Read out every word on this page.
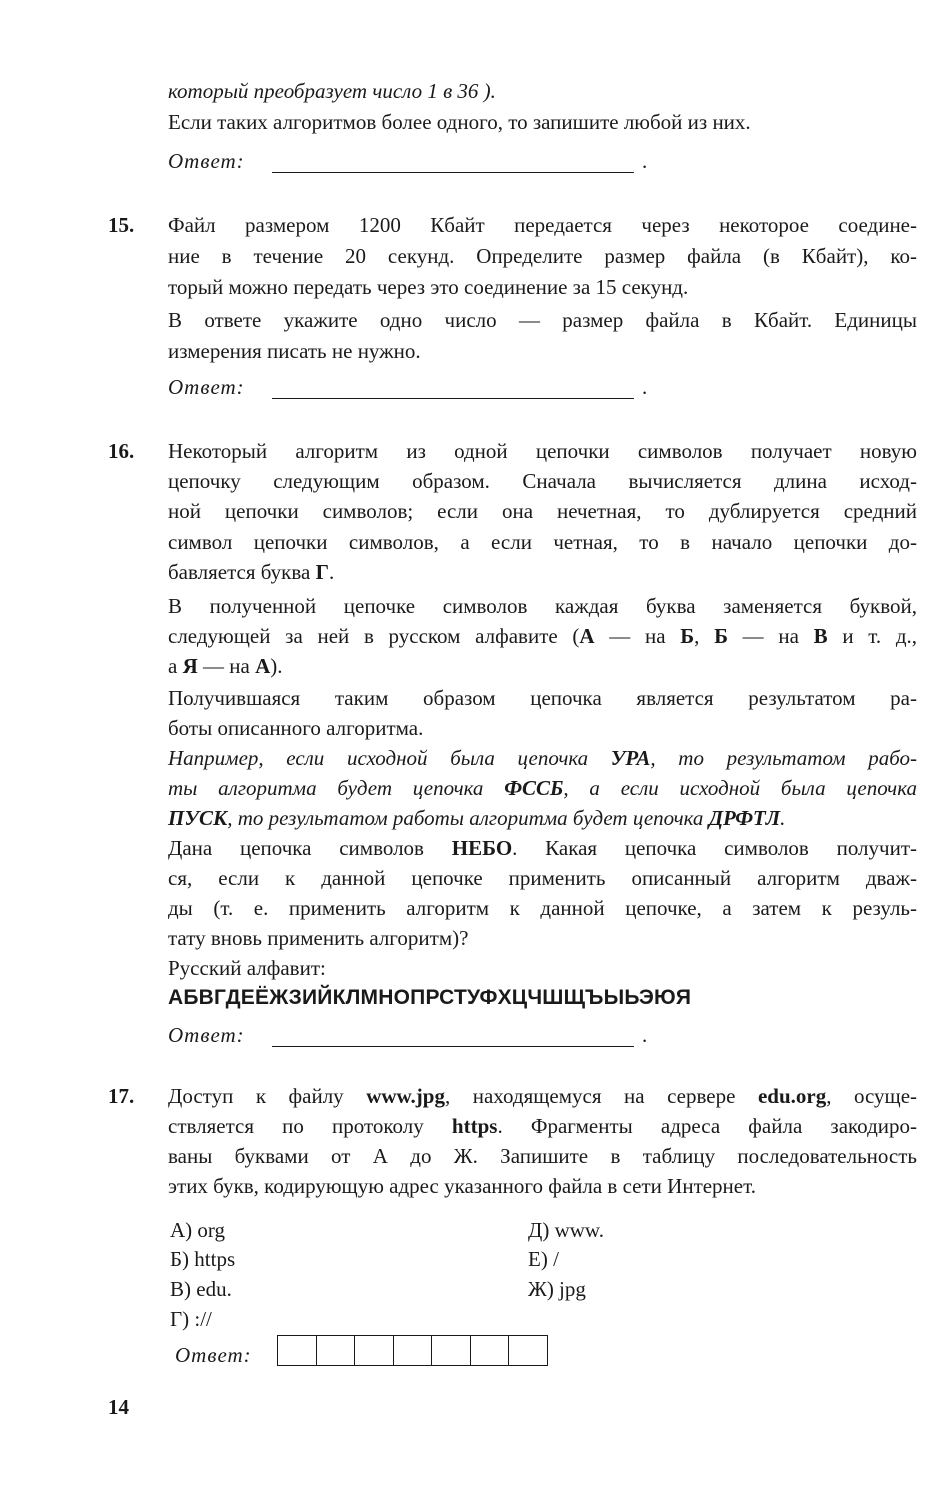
который преобразует число 1 в 36 ).
Если таких алгоритмов более одного, то запишите любой из них.
Ответ:	.
15. Файл размером 1200 Кбайт передается через некоторое соедине-
ние в течение 20 секунд. Определите размер файла (в Кбайт), ко-
торый можно передать через это соединение за 15 секунд.
В ответе укажите одно число — размер файла в Кбайт. Единицы
измерения писать не нужно.
Ответ:	.
16. Некоторый алгоритм из одной цепочки символов получает новую
цепочку следующим образом. Сначала вычисляется длина исход-
ной цепочки символов; если она нечетная, то дублируется средний
символ цепочки символов, а если четная, то в начало цепочки до-
бавляется буква Г.
В полученной цепочке символов каждая буква заменяется буквой,
следующей за ней в русском алфавите (А — на Б, Б — на В и т. д.,
а Я — на А).
Получившаяся таким образом цепочка является результатом ра-
боты описанного алгоритма.
Например, если исходной была цепочка УРА, то результатом рабо-
ты алгоритма будет цепочка ФССБ, а если исходной была цепочка
ПУСК, то результатом работы алгоритма будет цепочка ДРФТЛ.
Дана цепочка символов НЕБО. Какая цепочка символов получит-
ся, если к данной цепочке применить описанный алгоритм дваж-
ды (т. е. применить алгоритм к данной цепочке, а затем к резуль-
тату вновь применить алгоритм)?
Русский алфавит:
АБВГДЕЁЖЗИЙКЛМНОПРСТУФХЦЧШЩЪЫЬЭЮЯ
Ответ:	.
17. Доступ к файлу www.jpg, находящемуся на сервере edu.org, осуще-
ствляется по протоколу https. Фрагменты адреса файла закодиро-
ваны буквами от А до Ж. Запишите в таблицу последовательность
этих букв, кодирующую адрес указанного файла в сети Интернет.
А) org
Б) https
В) edu.
Г) ://
Д) www.
Е) /
Ж) jpg
Ответ:
14
